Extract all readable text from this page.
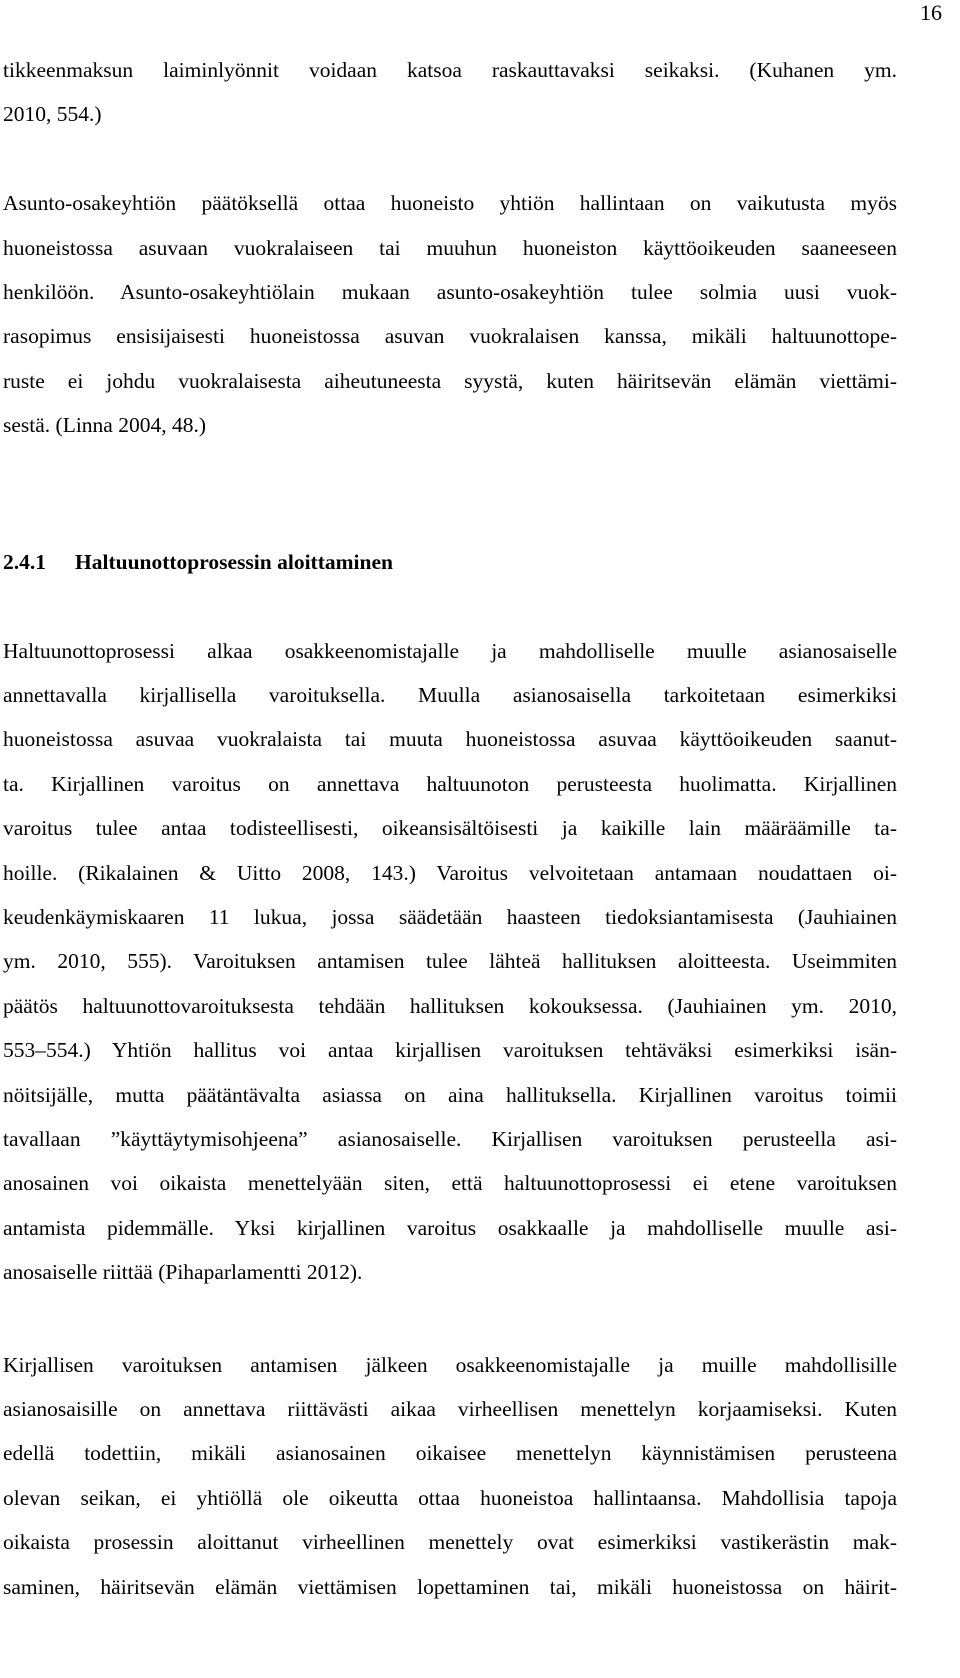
16
tikkeenmaksun laiminlyönnit voidaan katsoa raskauttavaksi seikaksi. (Kuhanen ym.
2010, 554.)
Asunto-osakeyhtiön päätöksellä ottaa huoneisto yhtiön hallintaan on vaikutusta myös
huoneistossa asuvaan vuokralaiseen tai muuhun huoneiston käyttöoikeuden saaneeseen
henkilöön. Asunto-osakeyhtiölain mukaan asunto-osakeyhtiön tulee solmia uusi vuok-
rasopimus ensisijaisesti huoneistossa asuvan vuokralaisen kanssa, mikäli haltuunottope-
ruste ei johdu vuokralaisesta aiheutuneesta syystä, kuten häiritsevän elämän viettämi-
sestä. (Linna 2004, 48.)
2.4.1 Haltuunottoprosessin aloittaminen
Haltuunottoprosessi alkaa osakkeenomistajalle ja mahdolliselle muulle asianosaiselle
annettavalla kirjallisella varoituksella. Muulla asianosaisella tarkoitetaan esimerkiksi
huoneistossa asuvaa vuokralaista tai muuta huoneistossa asuvaa käyttöoikeuden saanut-
ta. Kirjallinen varoitus on annettava haltuunoton perusteesta huolimatta. Kirjallinen
varoitus tulee antaa todisteellisesti, oikeansisältöisesti ja kaikille lain määräämille ta-
hoille. (Rikalainen & Uitto 2008, 143.) Varoitus velvoitetaan antamaan noudattaen oi-
keudenkäymiskaaren 11 lukua, jossa säädetään haasteen tiedoksiantamisesta (Jauhiainen
ym. 2010, 555). Varoituksen antamisen tulee lähteä hallituksen aloitteesta. Useimmiten
päätös haltuunottovaroituksesta tehdään hallituksen kokouksessa. (Jauhiainen ym. 2010,
553–554.) Yhtiön hallitus voi antaa kirjallisen varoituksen tehtäväksi esimerkiksi isän-
nöitsijälle, mutta päätäntävalta asiassa on aina hallituksella. Kirjallinen varoitus toimii
tavallaan ”käyttäytymisohjeena” asianosaiselle. Kirjallisen varoituksen perusteella asi-
anosainen voi oikaista menettelyään siten, että haltuunottoprosessi ei etene varoituksen
antamista pidemmälle. Yksi kirjallinen varoitus osakkaalle ja mahdolliselle muulle asi-
anosaiselle riittää (Pihaparlamentti 2012).
Kirjallisen varoituksen antamisen jälkeen osakkeenomistajalle ja muille mahdollisille
asianosaisille on annettava riittävästi aikaa virheellisen menettelyn korjaamiseksi. Kuten
edellä todettiin, mikäli asianosainen oikaisee menettelyn käynnistämisen perusteena
olevan seikan, ei yhtiöllä ole oikeutta ottaa huoneistoa hallintaansa. Mahdollisia tapoja
oikaista prosessin aloittanut virheellinen menettely ovat esimerkiksi vastikerästin mak-
saminen, häiritsevän elämän viettämisen lopettaminen tai, mikäli huoneistossa on häirit-
